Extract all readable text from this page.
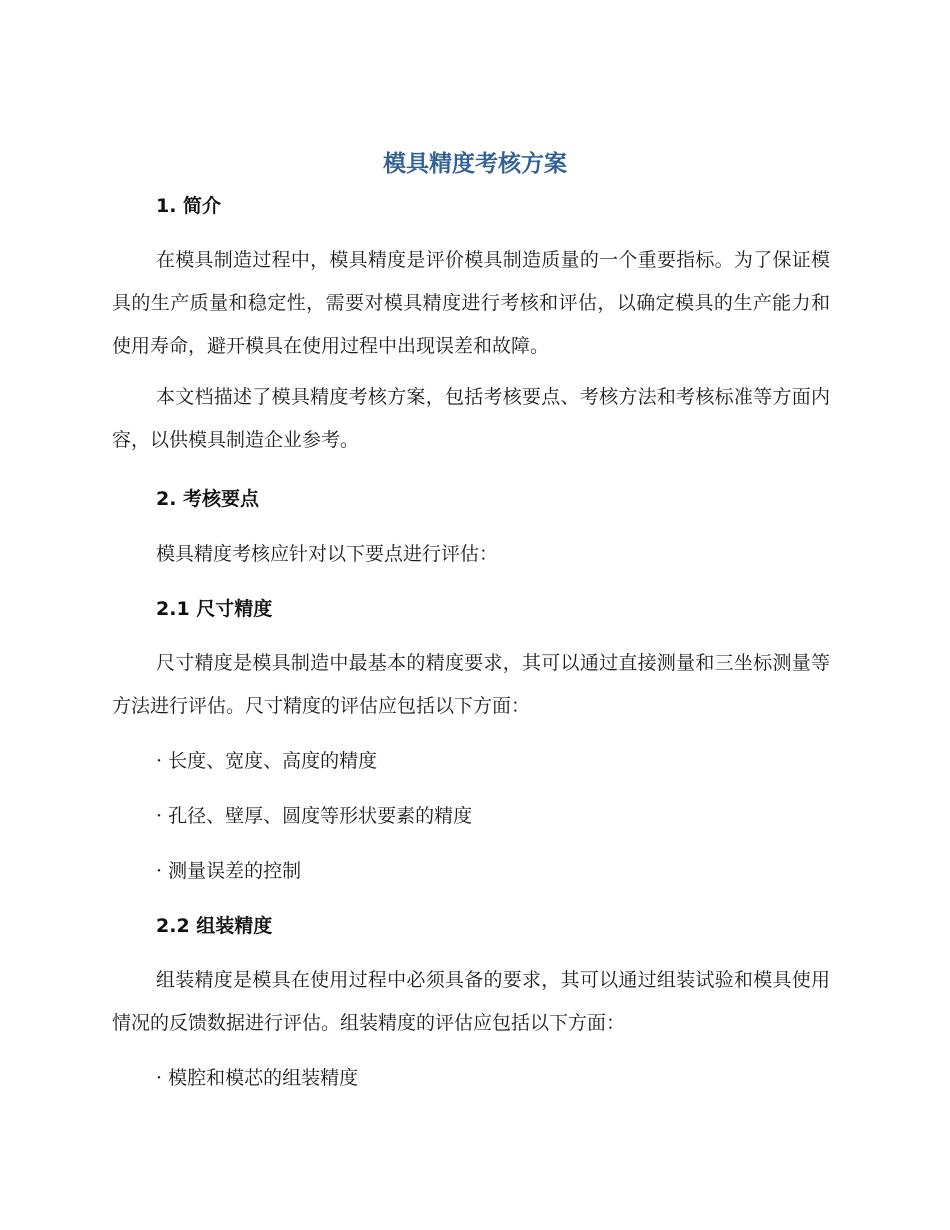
模具精度考核方案
1. 简介

在模具制造过程中，模具精度是评价模具制造质量的一个重要指标。为了保证模具的生产质量和稳定性，需要对模具精度进行考核和评估，以确定模具的生产能力和使用寿命，避开模具在使用过程中出现误差和故障。

本文档描述了模具精度考核方案，包括考核要点、考核方法和考核标准等方面内容，以供模具制造企业参考。

2. 考核要点

模具精度考核应针对以下要点进行评估：

2.1 尺寸精度

尺寸精度是模具制造中最基本的精度要求，其可以通过直接测量和三坐标测量等方法进行评估。尺寸精度的评估应包括以下方面：

· 长度、宽度、高度的精度

· 孔径、壁厚、圆度等形状要素的精度

· 测量误差的控制

2.2 组装精度

组装精度是模具在使用过程中必须具备的要求，其可以通过组装试验和模具使用情况的反馈数据进行评估。组装精度的评估应包括以下方面：

· 模腔和模芯的组装精度
